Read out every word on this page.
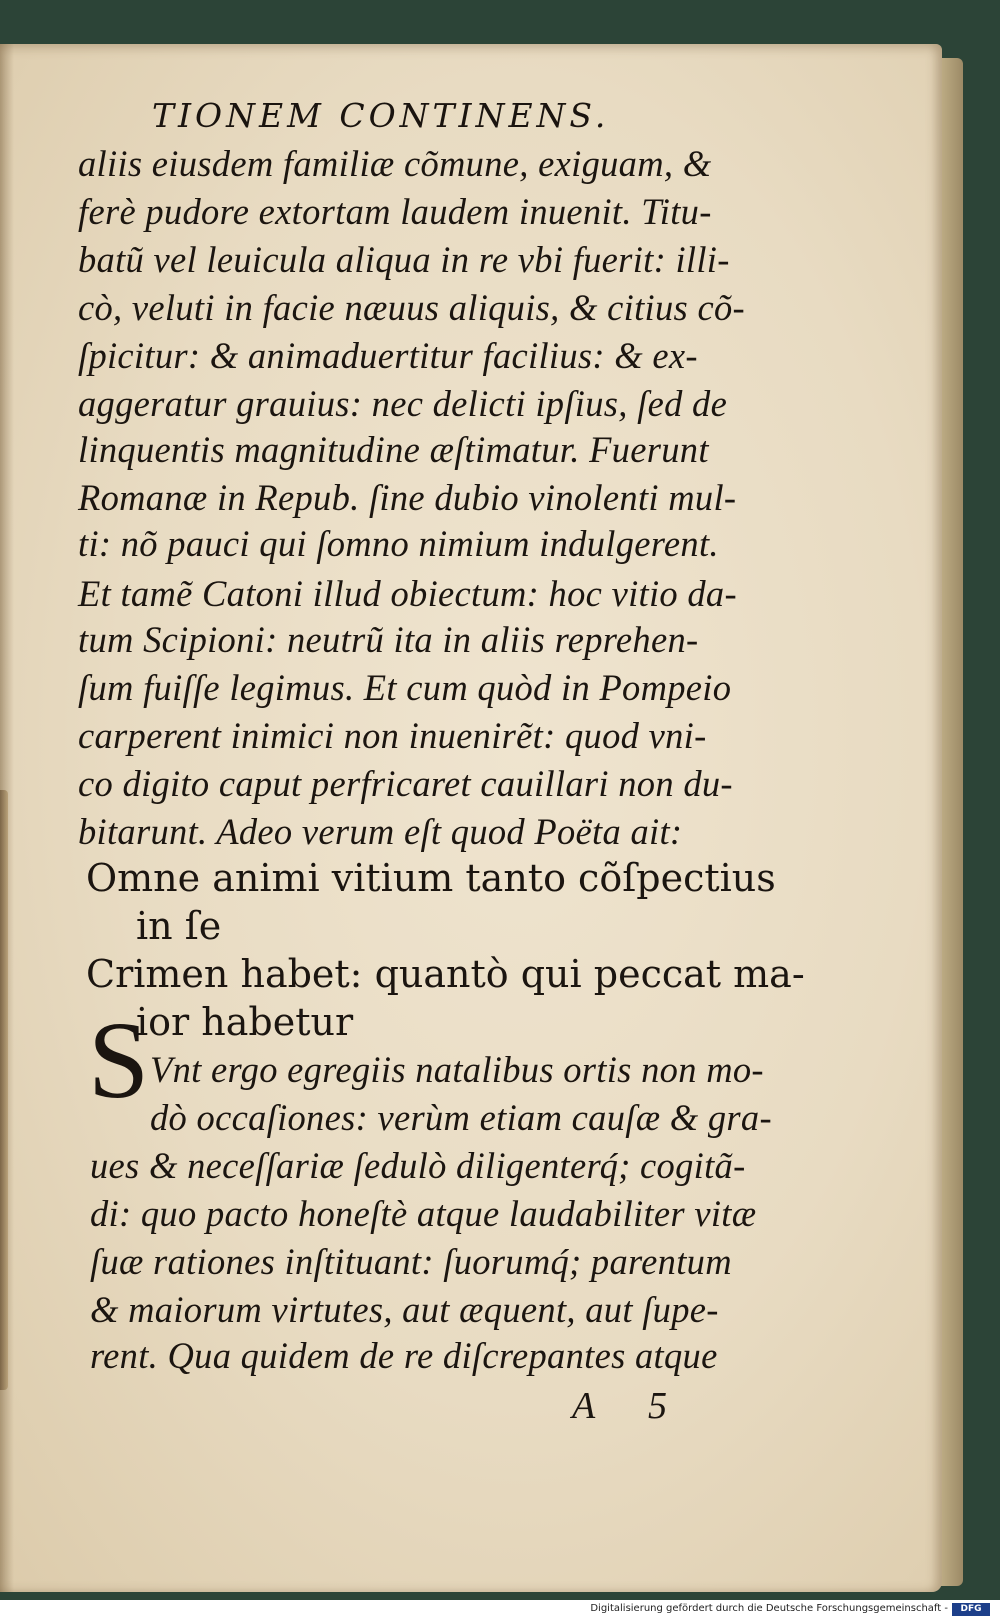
TIONEM CONTINENS.
aliis eiusdem familiæ cõmune, exiguam, &
ferè pudore extortam laudem inuenit. Titu-
batũ vel leuicula aliqua in re vbi fuerit: illi-
cò, veluti in facie næuus aliquis, & citius cõ-
ſpicitur: & animaduertitur facilius: & ex-
aggeratur grauius: nec delicti ipſius, ſed de
linquentis magnitudine æſtimatur. Fuerunt
Romanæ in Repub. ſine dubio vinolenti mul-
ti: nõ pauci qui ſomno nimium indulgerent.
Et tamẽ Catoni illud obiectum: hoc vitio da-
tum Scipioni: neutrũ ita in aliis reprehen-
ſum fuiſſe legimus. Et cum quòd in Pompeio
carperent inimici non inuenirẽt: quod vni-
co digito caput perfricaret cauillari non du-
bitarunt. Adeo verum eſt quod Poëta ait:
Omne animi vitium tanto cõſpectius
in ſe
Crimen habet: quantò qui peccat ma-
ior habetur
S Vnt ergo egregiis natalibus ortis non mo-
dò occaſiones: verùm etiam cauſæ & gra-
ues & neceſſariæ ſedulò diligenterq́; cogitã-
di: quo pacto honeſtè atque laudabiliter vitæ
ſuæ rationes inſtituant: ſuorumq́; parentum
& maiorum virtutes, aut æquent, aut ſupe-
rent. Qua quidem de re diſcrepantes atque
A 5
Digitalisierung gefördert durch die Deutsche Forschungsgemeinschaft -	DFG
